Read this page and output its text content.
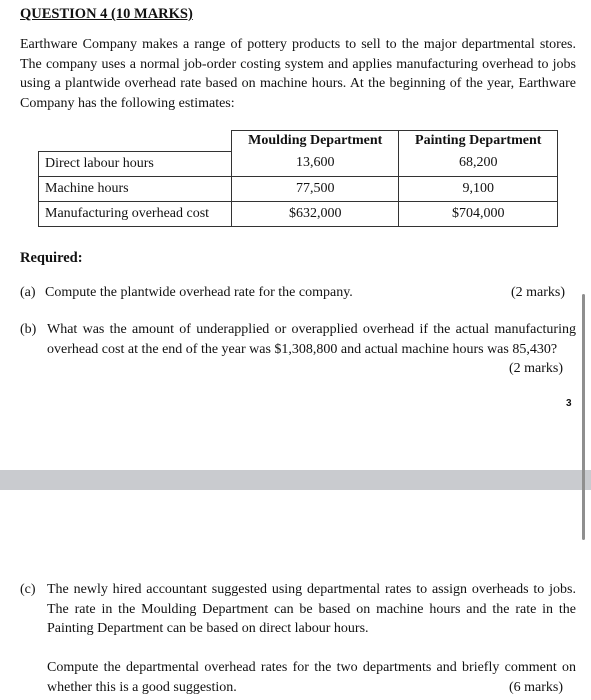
QUESTION 4 (10 MARKS)
Earthware Company makes a range of pottery products to sell to the major departmental stores. The company uses a normal job-order costing system and applies manufacturing overhead to jobs using a plantwide overhead rate based on machine hours. At the beginning of the year, Earthware Company has the following estimates:
	Moulding Department	Painting Department
Direct labour hours	13,600	68,200
Machine hours	77,500	9,100
Manufacturing overhead cost	$632,000	$704,000
Required:
(a) Compute the plantwide overhead rate for the company.	(2 marks)
(b) What was the amount of underapplied or overapplied overhead if the actual manufacturing overhead cost at the end of the year was $1,308,800 and actual machine hours was 85,430?
(2 marks)
3
(c) The newly hired accountant suggested using departmental rates to assign overheads to jobs. The rate in the Moulding Department can be based on machine hours and the rate in the Painting Department can be based on direct labour hours.
Compute the departmental overhead rates for the two departments and briefly comment on whether this is a good suggestion.	(6 marks)
